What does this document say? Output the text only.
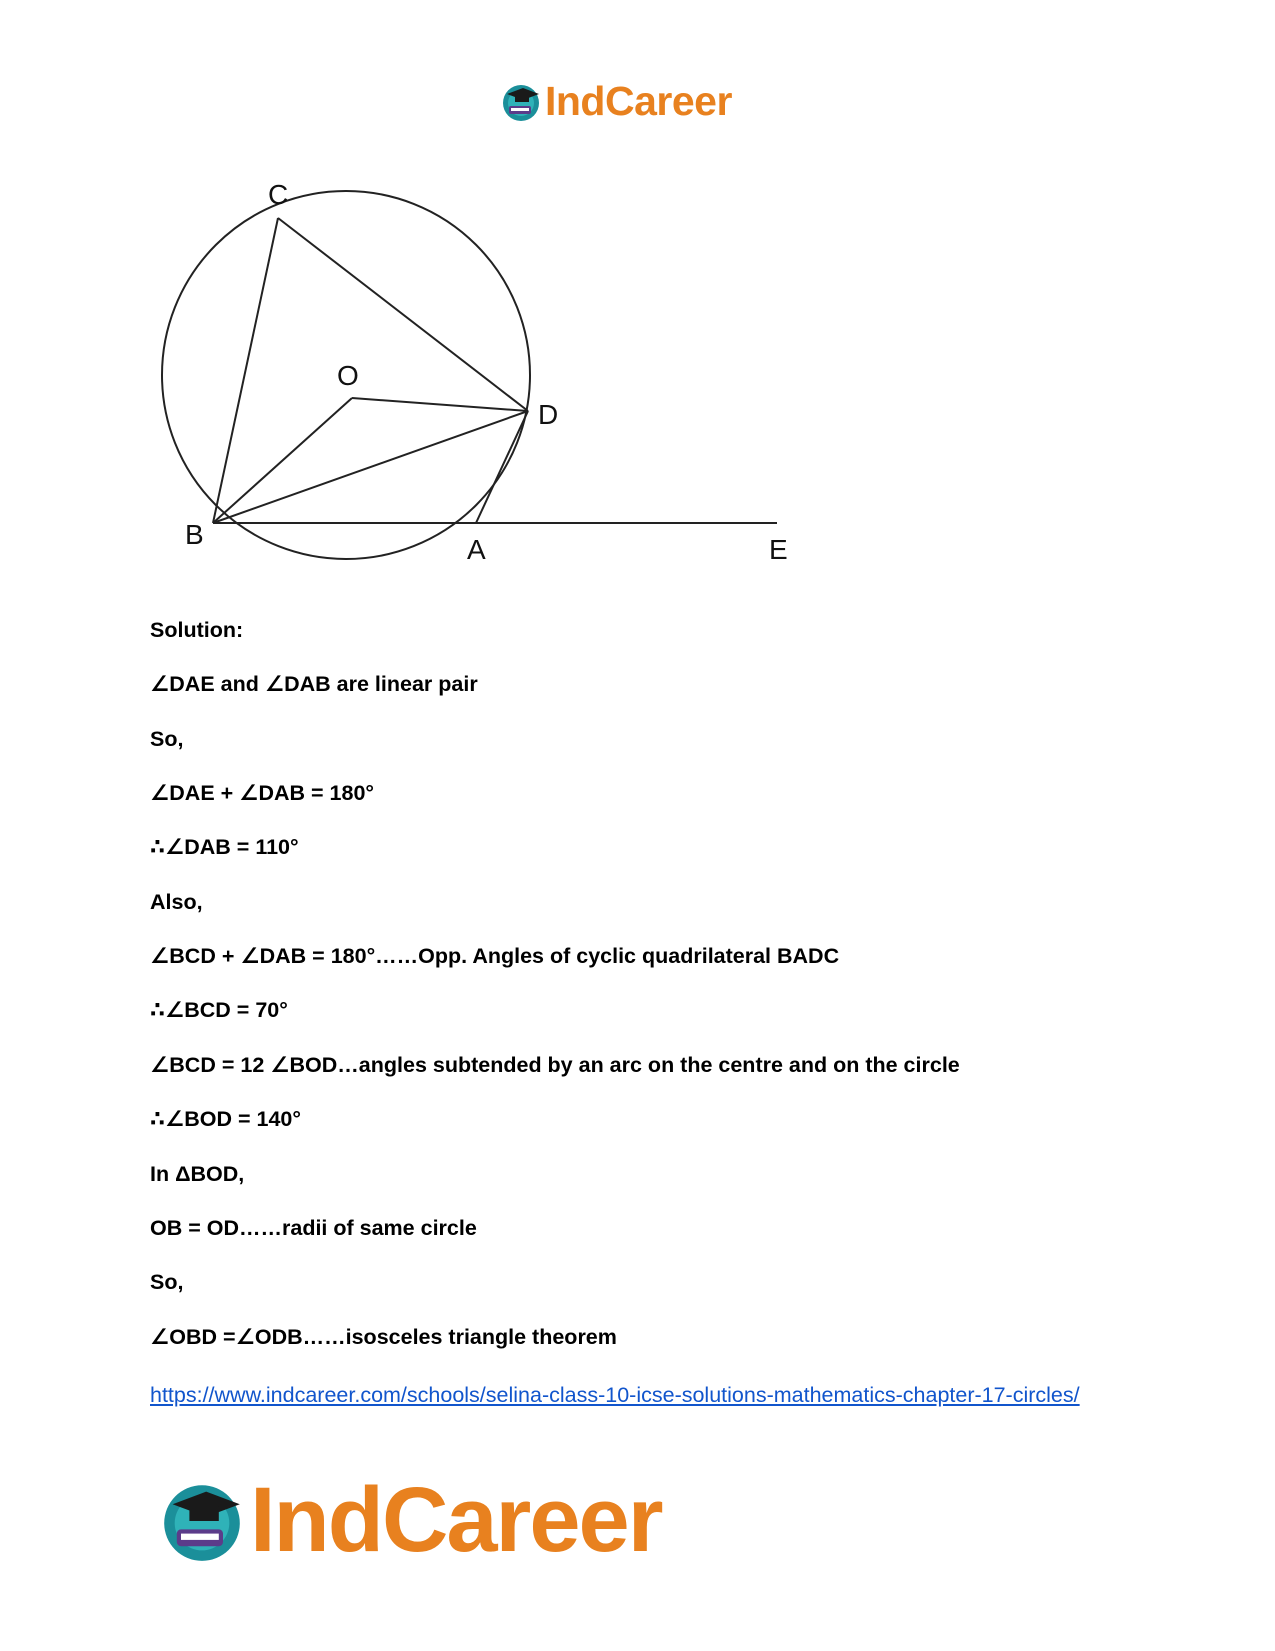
IndCareer
C
O
D
B	A	E

Solution:

∠DAE and ∠DAB are linear pair

So,

∠DAE + ∠DAB = 180°

∴∠DAB = 110°

Also,

∠BCD + ∠DAB = 180°……Opp. Angles of cyclic quadrilateral BADC

∴∠BCD = 70°

∠BCD = 12 ∠BOD…angles subtended by an arc on the centre and on the circle

∴∠BOD = 140°

In ΔBOD,

OB = OD……radii of same circle

So,

∠OBD =∠ODB……isosceles triangle theorem

https://www.indcareer.com/schools/selina-class-10-icse-solutions-mathematics-chapter-17-circles/
IndCareer
